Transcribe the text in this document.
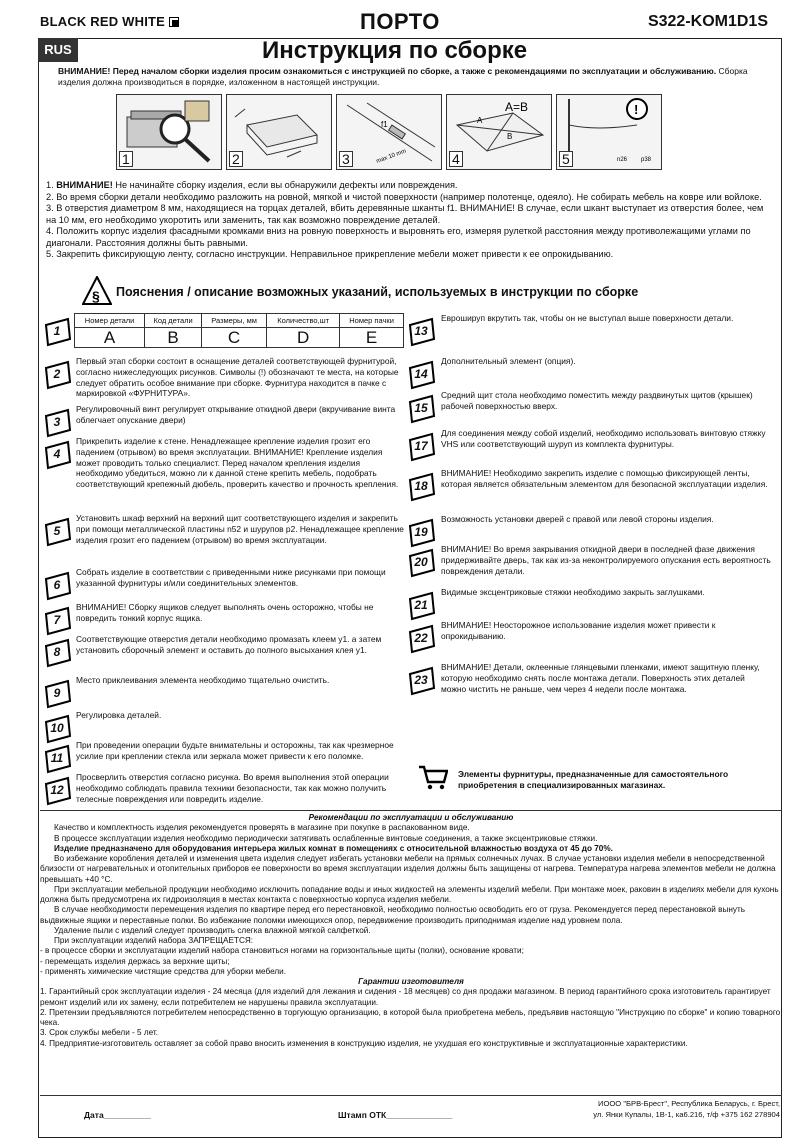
BLACK RED WHITE	ПОРТО	S322-KOM1D1S
RUS	Инструкция по сборке
ВНИМАНИЕ! Перед началом сборки изделия просим ознакомиться с инструкцией по сборке, а также с рекомендациями по эксплуатации и обслуживанию. Сборка изделия должна производиться в порядке, изложенном в настоящей инструкции.
1	2
f1
max 10 mm
3
A=B
A
B
4
!
n26 p38
5
1. ВНИМАНИЕ! Не начинайте сборку изделия, если вы обнаружили дефекты или повреждения.
2. Во время сборки детали необходимо разложить на ровной, мягкой и чистой поверхности (например полотенце, одеяло). Не собирать мебель на ковре или войлоке.
3. В отверстия диаметром 8 мм, находящиеся на торцах деталей, вбить деревянные шканты f1. ВНИМАНИЕ! В случае, если шкант выступает из отверстия более, чем на 10 мм, его необходимо укоротить или заменить, так как возможно повреждение деталей.
4. Положить корпус изделия фасадными кромками вниз на ровную поверхность и выровнять его, измеряя рулеткой расстояния между противолежащими углами по диагонали. Расстояния должны быть равными.
5. Закрепить фиксирующую ленту, согласно инструкции. Неправильное прикрепление мебели может привести к ее опрокидыванию.
§ Пояснения / описание возможных указаний, используемых в инструкции по сборке
Номер детали	Код детали	Размеры, мм	Количество,шт	Номер пачки
A	B	C	D	E
1
2
Первый этап сборки состоит в оснащение деталей соответствующей фурнитурой, согласно нижеследующих рисунков. Символы (!) обозначают те места, на которые следует обратить особое внимание при сборке. Фурнитура находится в пачке с маркировкой «ФУРНИТУРА».
3
Регулировочный винт регулирует открывание откидной двери (вкручивание винта облегчает опускание двери)
4
Прикрепить изделие к стене. Ненадлежащее крепление изделия грозит его падением (отрывом) во время эксплуатации. ВНИМАНИЕ! Крепление изделия может проводить только специалист. Перед началом крепления изделия необходимо убедиться, можно ли к данной стене крепить мебель, подобрать соответствующий крепежный дюбель, проверить качество и прочность крепления.
5
Установить шкаф верхний на верхний щит соответствующего изделия и закрепить при помощи металлической пластины n52 и шурупов p2. Ненадлежащее крепление изделия грозит его падением (отрывом) во время эксплуатации.
6
Собрать изделие в соответствии с приведенными ниже рисунками при помощи указанной фурнитуры и/или соединительных элементов.
7
ВНИМАНИЕ! Сборку ящиков следует выполнять очень осторожно, чтобы не повредить тонкий корпус ящика.
8
Соответствующие отверстия детали необходимо промазать клеем y1. а затем установить сборочный элемент и оставить до полного высыхания клея y1.
9
Место приклеивания элемента необходимо тщательно очистить.
10
Регулировка деталей.
11
При проведении операции будьте внимательны и осторожны, так как чрезмерное усилие при креплении стекла или зеркала может привести к его поломке.
12
Просверлить отверстия согласно рисунка. Во время выполнения этой операции необходимо соблюдать правила техники безопасности, так как можно получить телесные повреждения или повредить изделие.
13
Еврошируп вкрутить так, чтобы он не выступал выше поверхности детали.
14
Дополнительный элемент (опция).
15
Средний щит стола необходимо поместить между раздвинутых щитов (крышек) рабочей поверхностью вверх.
17
Для соединения между собой изделий, необходимо использовать винтовую стяжку VHS или соответствующий шуруп из комплекта фурнитуры.
18
ВНИМАНИЕ! Необходимо закрепить изделие с помощью фиксирующей ленты, которая является обязательным элементом для безопасной эксплуатации изделия.
19
Возможность установки дверей с правой или левой стороны изделия.
20
ВНИМАНИЕ! Во время закрывания откидной двери в последней фазе движения придерживайте дверь, так как из-за неконтролируемого опускания есть вероятность повреждения детали.
21
Видимые эксцентриковые стяжки необходимо закрыть заглушками.
22
ВНИМАНИЕ! Неосторожное использование изделия может привести к опрокидыванию.
23
ВНИМАНИЕ! Детали, оклеенные глянцевыми пленками, имеют защитную пленку, которую необходимо снять после монтажа детали. Поверхность этих деталей можно чистить не раньше, чем через 4 недели после монтажа.
Элементы фурнитуры, предназначенные для самостоятельного приобретения в специализированных магазинах.
Рекомендации по эксплуатации и обслуживанию
Качество и комплектность изделия рекомендуется проверять в магазине при покупке в распакованном виде.
В процессе эксплуатации изделия необходимо периодически затягивать ослабленные винтовые соединения, а также эксцентриковые стяжки.
Изделие предназначено для оборудования интерьера жилых комнат в помещениях с относительной влажностью воздуха от 45 до 70%.
Во избежание коробления деталей и изменения цвета изделия следует избегать установки мебели на прямых солнечных лучах. В случае установки изделия мебели в непосредственной близости от нагревательных и отопительных приборов ее поверхности во время эксплуатации изделия должны быть защищены от нагрева. Температура нагрева элементов мебели не должна превышать +40 °С.
При эксплуатации мебельной продукции необходимо исключить попадание воды и иных жидкостей на элементы изделий мебели. При монтаже моек, раковин в изделиях мебели для кухонь должна быть предусмотрена их гидроизоляция в местах контакта с поверхностью корпуса изделия мебели.
В случае необходимости перемещения изделия по квартире перед его перестановкой, необходимо полностью освободить его от груза. Рекомендуется перед перестановкой вынуть выдвижные ящики и переставные полки. Во избежание поломки имеющихся опор, передвижение производить приподнимая изделие над уровнем пола.
Удаление пыли с изделий следует производить слегка влажной мягкой салфеткой.
При эксплуатации изделий набора ЗАПРЕЩАЕТСЯ:
- в процессе сборки и эксплуатации изделий набора становиться ногами на горизонтальные щиты (полки), основание кровати;
- перемещать изделия держась за верхние щиты;
- применять химические чистящие средства для уборки мебели.
Гарантии изготовителя
1. Гарантийный срок эксплуатации изделия - 24 месяца (для изделий для лежания и сидения - 18 месяцев) со дня продажи магазином. В период гарантийного срока изготовитель гарантирует ремонт изделий или их замену, если потребителем не нарушены правила эксплуатации.
2. Претензии предъявляются потребителем непосредственно в торгующую организацию, в которой была приобретена мебель, предъявив настоящую "Инструкцию по сборке" и копию товарного чека.
3. Срок службы мебели - 5 лет.
4. Предприятие-изготовитель оставляет за собой право вносить изменения в конструкцию изделия, не ухудшая его конструктивные и эксплуатационные характеристики.
Дата__________	Штамп ОТК______________
ИООО "БРВ-Брест", Республика Беларусь, г. Брест,
ул. Янки Купалы, 1В-1, ка6.216, т/ф +375 162 278904
